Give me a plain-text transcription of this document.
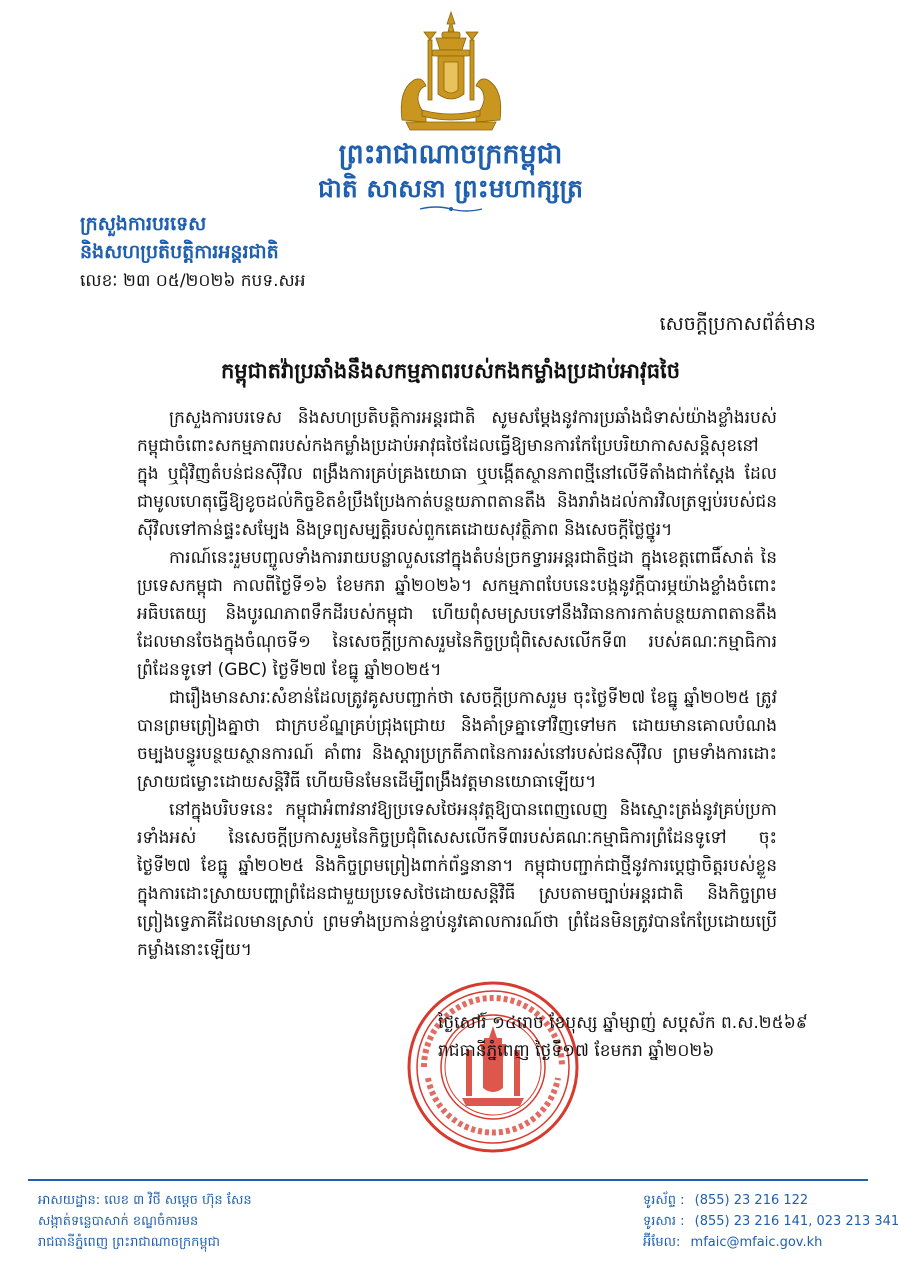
ព្រះរាជាណាចក្រកម្ពុជា
ជាតិ សាសនា ព្រះមហាក្សត្រ
ក្រសួងការបរទេស
និងសហប្រតិបត្តិការអន្តរជាតិ
លេខៈ ២៣ ០៥/២០២៦ កបទ.សអ
សេចក្តីប្រកាសព័ត៌មាន
កម្ពុជាតវ៉ាប្រឆាំងនឹងសកម្មភាពរបស់កងកម្លាំងប្រដាប់អាវុធថៃ

ក្រសួងការបរទេស និងសហប្រតិបត្តិការអន្តរជាតិ សូមសម្តែងនូវការប្រឆាំងជំទាស់យ៉ាងខ្លាំងរបស់កម្ពុជាចំពោះសកម្មភាពរបស់កងកម្លាំងប្រដាប់អាវុធថៃដែលធ្វើឱ្យមានការកែប្រែបរិយាកាសសន្តិសុខនៅក្នុង ឬជុំវិញតំបន់ជនស៊ីវិល ពង្រឹងការគ្រប់គ្រងយោធា ឬបង្កើតស្ថានភាពថ្មីនៅលើទីតាំងជាក់ស្តែង ដែលជាមូលហេតុធ្វើឱ្យខូចដល់កិច្ចខិតខំប្រឹងប្រែងកាត់បន្ថយភាពតានតឹង និងរារាំងដល់ការវិលត្រឡប់របស់ជនស៊ីវិលទៅកាន់ផ្ទះសម្បែង និងទ្រព្យសម្បត្តិរបស់ពួកគេដោយសុវត្ថិភាព និងសេចក្តីថ្លៃថ្នូរ។

ការណ៍នេះរួមបញ្ចូលទាំងការរាយបន្លាលួសនៅក្នុងតំបន់ច្រកទ្វារអន្តរជាតិថ្មដា ក្នុងខេត្តពោធិ៍សាត់ នៃប្រទេសកម្ពុជា កាលពីថ្ងៃទី១៦ ខែមករា ឆ្នាំ២០២៦។ សកម្មភាពបែបនេះបង្កនូវក្តីបារម្ភយ៉ាងខ្លាំងចំពោះអធិបតេយ្យ និងបូរណភាពទឹកដីរបស់កម្ពុជា ហើយពុំសមស្របទៅនឹងវិធានការកាត់បន្ថយភាពតានតឹង ដែលមានចែងក្នុងចំណុចទី១ នៃសេចក្តីប្រកាសរួមនៃកិច្ចប្រជុំពិសេសលើកទី៣ របស់គណៈកម្មាធិការព្រំដែនទូទៅ (GBC) ថ្ងៃទី២៧ ខែធ្នូ ឆ្នាំ២០២៥។

ជារឿងមានសារៈសំខាន់ដែលត្រូវគូសបញ្ជាក់ថា សេចក្តីប្រកាសរួម ចុះថ្ងៃទី២៧ ខែធ្នូ ឆ្នាំ២០២៥ ត្រូវបានព្រមព្រៀងគ្នាថា ជាក្របខ័ណ្ឌគ្រប់ជ្រុងជ្រោយ និងគាំទ្រគ្នាទៅវិញទៅមក ដោយមានគោលបំណងចម្បងបន្ធូរបន្ថយស្ថានការណ៍ គាំពារ និងស្តារប្រក្រតីភាពនៃការរស់នៅរបស់ជនស៊ីវិល ព្រមទាំងការដោះស្រាយជម្លោះដោយសន្តិវិធី ហើយមិនមែនដើម្បីពង្រឹងវត្តមានយោធាឡើយ។

នៅក្នុងបរិបទនេះ កម្ពុជាអំពាវនាវឱ្យប្រទេសថៃអនុវត្តឱ្យបានពេញលេញ និងស្មោះត្រង់នូវគ្រប់ប្រការទាំងអស់ នៃសេចក្តីប្រកាសរួមនៃកិច្ចប្រជុំពិសេសលើកទី៣របស់គណៈកម្មាធិការព្រំដែនទូទៅ ចុះថ្ងៃទី២៧ ខែធ្នូ ឆ្នាំ២០២៥ និងកិច្ចព្រមព្រៀងពាក់ព័ន្ធនានា។ កម្ពុជាបញ្ជាក់ជាថ្មីនូវការប្តេជ្ញាចិត្តរបស់ខ្លួន ក្នុងការដោះស្រាយបញ្ហាព្រំដែនជាមួយប្រទេសថៃដោយសន្តិវិធី ស្របតាមច្បាប់អន្តរជាតិ និងកិច្ចព្រមព្រៀងទ្វេភាគីដែលមានស្រាប់ ព្រមទាំងប្រកាន់ខ្ជាប់នូវគោលការណ៍ថា ព្រំដែនមិនត្រូវបានកែប្រែដោយប្រើកម្លាំងនោះឡើយ។

ថ្ងៃសៅរ៍ ១៤រោច ខែបុស្ស ឆ្នាំម្សាញ់ សប្តស័ក ព.ស.២៥៦៩
រាជធានីភ្នំពេញ ថ្ងៃទី១៧ ខែមករា ឆ្នាំ២០២៦
អាសយដ្ឋាន: លេខ ៣ វិថី សម្តេច ហ៊ុន សែន
សង្កាត់ទន្លេបាសាក់ ខណ្ឌចំការមន
រាជធានីភ្នំពេញ ព្រះរាជាណាចក្រកម្ពុជា
ទូរស័ព្ទ : (855) 23 216 122
ទូរសារ : (855) 23 216 141, 023 213 341
អ៊ីមែល: mfaic@mfaic.gov.kh
